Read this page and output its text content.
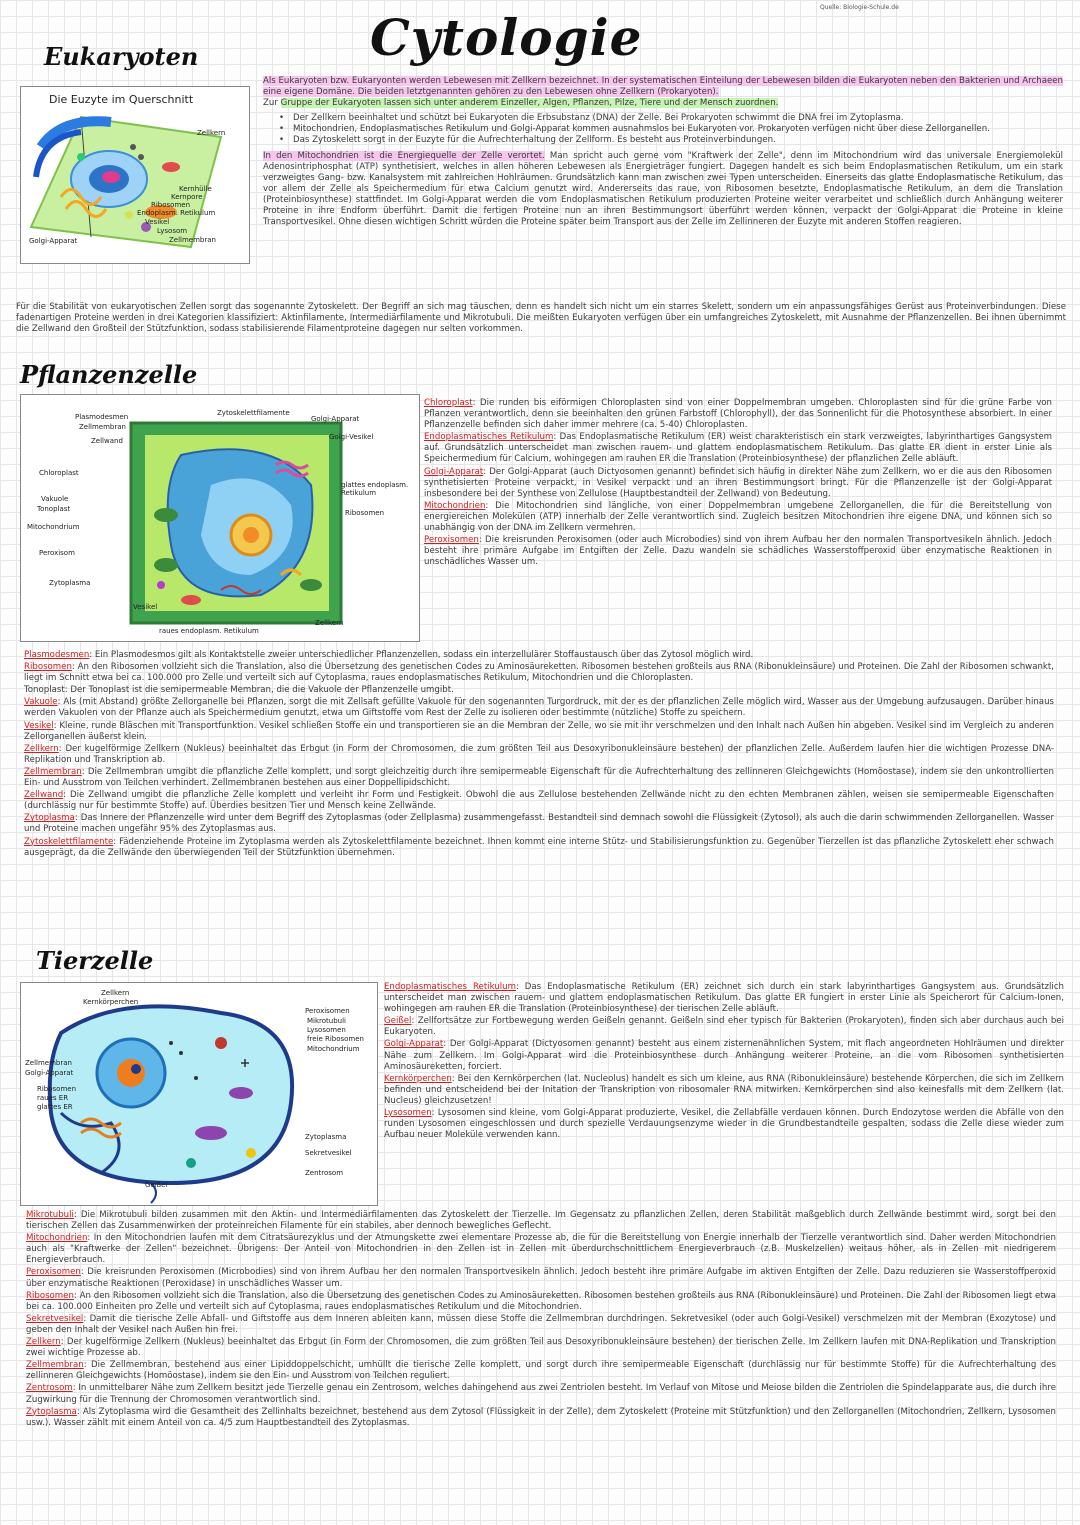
Quelle: Biologie-Schule.de
Cytologie
Eukaryoten
Die Euzyte im Querschnitt
Zellkern
Kernhülle
Kernpore
Ribosomen
Endoplasm. Retikulum
Vesikel
Lysosom
Zellmembran
Golgi-Apparat

Als Eukaryoten bzw. Eukaryonten werden Lebewesen mit Zellkern bezeichnet. In der systematischen Einteilung der Lebewesen bilden die Eukaryoten neben den Bakterien und Archaeen eine eigene Domäne. Die beiden letztgenannten gehören zu den Lebewesen ohne Zellkern (Prokaryoten).
Zur Gruppe der Eukaryoten lassen sich unter anderem Einzeller, Algen, Pflanzen, Pilze, Tiere und der Mensch zuordnen.

• Der Zellkern beeinhaltet und schützt bei Eukaryoten die Erbsubstanz (DNA) der Zelle. Bei Prokaryoten schwimmt die DNA frei im Zytoplasma.
• Mitochondrien, Endoplasmatisches Retikulum und Golgi-Apparat kommen ausnahmslos bei Eukaryoten vor. Prokaryoten verfügen nicht über diese Zellorganellen.
• Das Zytoskelett sorgt in der Euzyte für die Aufrechterhaltung der Zellform. Es besteht aus Proteinverbindungen.

In den Mitochondrien ist die Energiequelle der Zelle verortet. Man spricht auch gerne vom "Kraftwerk der Zelle", denn im Mitochondrium wird das universale Energiemolekül Adenosintriphosphat (ATP) synthetisiert, welches in allen höheren Lebewesen als Energieträger fungiert. Dagegen handelt es sich beim Endoplasmatischen Retikulum, um ein stark verzweigtes Gang- bzw. Kanalsystem mit zahlreichen Hohlräumen. Grundsätzlich kann man zwischen zwei Typen unterscheiden. Einerseits das glatte Endoplasmatische Retikulum, das vor allem der Zelle als Speichermedium für etwa Calcium genutzt wird. Andererseits das raue, von Ribosomen besetzte, Endoplasmatische Retikulum, an dem die Translation (Proteinbiosynthese) stattfindet. Im Golgi-Apparat werden die vom Endoplasmatischen Retikulum produzierten Proteine weiter verarbeitet und schließlich durch Anhängung weiterer Proteine in ihre Endform überführt. Damit die fertigen Proteine nun an ihren Bestimmungsort überführt werden können, verpackt der Golgi-Apparat die Proteine in kleine Transportvesikel. Ohne diesen wichtigen Schritt würden die Proteine später beim Transport aus der Zelle im Zellinneren der Euzyte mit anderen Stoffen reagieren.

Für die Stabilität von eukaryotischen Zellen sorgt das sogenannte Zytoskelett. Der Begriff an sich mag täuschen, denn es handelt sich nicht um ein starres Skelett, sondern um ein anpassungsfähiges Gerüst aus Proteinverbindungen. Diese fadenartigen Proteine werden in drei Kategorien klassifiziert: Aktinfilamente, Intermediärfilamente und Mikrotubuli. Die meißten Eukaryoten verfügen über ein umfangreiches Zytoskelett, mit Ausnahme der Pflanzenzellen. Bei ihnen übernimmt die Zellwand den Großteil der Stützfunktion, sodass stabilisierende Filamentproteine dagegen nur selten vorkommen.
Pflanzenzelle
Plasmodesmen
Zellmembran
Zellwand
Zytoskelettfilamente
Golgi-Apparat
Golgi-Vesikel
Chloroplast
Vakuole
Tonoplast
Mitochondrium
glattes endoplasm. Retikulum
Ribosomen
Peroxisom
Zytoplasma
Vesikel
raues endoplasm. Retikulum
Zellkern

Chloroplast: Die runden bis eiförmigen Chloroplasten sind von einer Doppelmembran umgeben. Chloroplasten sind für die grüne Farbe von Pflanzen verantwortlich, denn sie beeinhalten den grünen Farbstoff (Chlorophyll), der das Sonnenlicht für die Photosynthese absorbiert. In einer Pflanzenzelle befinden sich daher immer mehrere (ca. 5-40) Chloroplasten.

Endoplasmatisches Retikulum: Das Endoplasmatische Retikulum (ER) weist charakteristisch ein stark verzweigtes, labyrinthartiges Gangsystem auf. Grundsätzlich unterscheidet man zwischen rauem- und glattem endoplasmatischem Retikulum. Das glatte ER dient in erster Linie als Speichermedium für Calcium, wohingegen am rauhen ER die Translation (Proteinbiosynthese) der pflanzlichen Zelle abläuft.

Golgi-Apparat: Der Golgi-Apparat (auch Dictyosomen genannt) befindet sich häufig in direkter Nähe zum Zellkern, wo er die aus den Ribosomen synthetisierten Proteine verpackt, in Vesikel verpackt und an ihren Bestimmungsort bringt. Für die Pflanzenzelle ist der Golgi-Apparat insbesondere bei der Synthese von Zellulose (Hauptbestandteil der Zellwand) von Bedeutung.

Mitochondrien: Die Mitochondrien sind längliche, von einer Doppelmembran umgebene Zellorganellen, die für die Bereitstellung von energiereichen Molekülen (ATP) innerhalb der Zelle verantwortlich sind. Zugleich besitzen Mitochondrien ihre eigene DNA, und können sich so unabhängig von der DNA im Zellkern vermehren.

Peroxisomen: Die kreisrunden Peroxisomen (oder auch Microbodies) sind von ihrem Aufbau her den normalen Transportvesikeln ähnlich. Jedoch besteht ihre primäre Aufgabe im Entgiften der Zelle. Dazu wandeln sie schädliches Wasserstoffperoxid über enzymatische Reaktionen in unschädliches Wasser um.

Plasmodesmen: Ein Plasmodesmos gilt als Kontaktstelle zweier unterschiedlicher Pflanzenzellen, sodass ein interzellulärer Stoffaustausch über das Zytosol möglich wird.

Ribosomen: An den Ribosomen vollzieht sich die Translation, also die Übersetzung des genetischen Codes zu Aminosäureketten. Ribosomen bestehen großteils aus RNA (Ribonukleinsäure) und Proteinen. Die Zahl der Ribosomen schwankt, liegt im Schnitt etwa bei ca. 100.000 pro Zelle und verteilt sich auf Cytoplasma, raues endoplasmatisches Retikulum, Mitochondrien und die Chloroplasten.

Tonoplast: Der Tonoplast ist die semipermeable Membran, die die Vakuole der Pflanzenzelle umgibt.

Vakuole: Als (mit Abstand) größte Zellorganelle bei Pflanzen, sorgt die mit Zellsaft gefüllte Vakuole für den sogenannten Turgordruck, mit der es der pflanzlichen Zelle möglich wird, Wasser aus der Umgebung aufzusaugen. Darüber hinaus werden Vakuolen von der Pflanze auch als Speichermedium genutzt, etwa um Giftstoffe vom Rest der Zelle zu isolieren oder bestimmte (nützliche) Stoffe zu speichern.

Vesikel: Kleine, runde Bläschen mit Transportfunktion. Vesikel schließen Stoffe ein und transportieren sie an die Membran der Zelle, wo sie mit ihr verschmelzen und den Inhalt nach Außen hin abgeben. Vesikel sind im Vergleich zu anderen Zellorganellen äußerst klein.

Zellkern: Der kugelförmige Zellkern (Nukleus) beeinhaltet das Erbgut (in Form der Chromosomen, die zum größten Teil aus Desoxyribonukleinsäure bestehen) der pflanzlichen Zelle. Außerdem laufen hier die wichtigen Prozesse DNA-Replikation und Transkription ab.

Zellmembran: Die Zellmembran umgibt die pflanzliche Zelle komplett, und sorgt gleichzeitig durch ihre semipermeable Eigenschaft für die Aufrechterhaltung des zellinneren Gleichgewichts (Homöostase), indem sie den unkontrollierten Ein- und Ausstrom von Teilchen verhindert. Zellmembranen bestehen aus einer Doppellipidschicht.

Zellwand: Die Zellwand umgibt die pflanzliche Zelle komplett und verleiht ihr Form und Festigkeit. Obwohl die aus Zellulose bestehenden Zellwände nicht zu den echten Membranen zählen, weisen sie semipermeable Eigenschaften (durchlässig nur für bestimmte Stoffe) auf. Überdies besitzen Tier und Mensch keine Zellwände.

Zytoplasma: Das Innere der Pflanzenzelle wird unter dem Begriff des Zytoplasmas (oder Zellplasma) zusammengefasst. Bestandteil sind demnach sowohl die Flüssigkeit (Zytosol), als auch die darin schwimmenden Zellorganellen. Wasser und Proteine machen ungefähr 95% des Zytoplasmas aus.

Zytoskelettfilamente: Fädenziehende Proteine im Zytoplasma werden als Zytoskelettfilamente bezeichnet. Ihnen kommt eine interne Stütz- und Stabilisierungsfunktion zu. Gegenüber Tierzellen ist das pflanzliche Zytoskelett eher schwach ausgeprägt, da die Zellwände den überwiegenden Teil der Stützfunktion übernehmen.

Tierzelle
Zellkern
Kernkörperchen
Peroxisomen
Mikrotubuli
Lysosomen
freie Ribosomen
Mitochondrium
Zellmembran
Golgi-Apparat
Ribosomen
raues ER
glattes ER
Zytoplasma
Sekretvesikel
Zentrosom
Geißel

Endoplasmatisches Retikulum: Das Endoplasmatische Retikulum (ER) zeichnet sich durch ein stark labyrinthartiges Gangsystem aus. Grundsätzlich unterscheidet man zwischen rauem- und glattem endoplasmatischen Retikulum. Das glatte ER fungiert in erster Linie als Speicherort für Calcium-Ionen, wohingegen am rauhen ER die Translation (Proteinbiosynthese) der tierischen Zelle abläuft.

Geißel: Zellfortsätze zur Fortbewegung werden Geißeln genannt. Geißeln sind eher typisch für Bakterien (Prokaryoten), finden sich aber durchaus auch bei Eukaryoten.

Golgi-Apparat: Der Golgi-Apparat (Dictyosomen genannt) besteht aus einem zisternenähnlichen System, mit flach angeordneten Hohlräumen und direkter Nähe zum Zellkern. Im Golgi-Apparat wird die Proteinbiosynthese durch Anhängung weiterer Proteine, an die vom Ribosomen synthetisierten Aminosäureketten, forciert.

Kernkörperchen: Bei den Kernkörperchen (lat. Nucleolus) handelt es sich um kleine, aus RNA (Ribonukleinsäure) bestehende Körperchen, die sich im Zellkern befinden und entscheidend bei der Initation der Transkription von ribosomaler RNA mitwirken. Kernkörperchen sind also keinesfalls mit dem Zellkern (lat. Nucleus) gleichzusetzen!

Lysosomen: Lysosomen sind kleine, vom Golgi-Apparat produzierte, Vesikel, die Zellabfälle verdauen können. Durch Endozytose werden die Abfälle von den runden Lysosomen eingeschlossen und durch spezielle Verdauungsenzyme wieder in die Grundbestandteile gespalten, sodass die Zelle diese wieder zum Aufbau neuer Moleküle verwenden kann.

Mikrotubuli: Die Mikrotubuli bilden zusammen mit den Aktin- und Intermediärfilamenten das Zytoskelett der Tierzelle. Im Gegensatz zu pflanzlichen Zellen, deren Stabilität maßgeblich durch Zellwände bestimmt wird, sorgt bei den tierischen Zellen das Zusammenwirken der proteinreichen Filamente für ein stabiles, aber dennoch bewegliches Geflecht.

Mitochondrien: In den Mitochondrien laufen mit dem Citratsäurezyklus und der Atmungskette zwei elementare Prozesse ab, die für die Bereitstellung von Energie innerhalb der Tierzelle verantwortlich sind. Daher werden Mitochondrien auch als "Kraftwerke der Zellen" bezeichnet. Übrigens: Der Anteil von Mitochondrien in den Zellen ist in Zellen mit überdurchschnittlichem Energieverbrauch (z.B. Muskelzellen) weitaus höher, als in Zellen mit niedrigerem Energieverbrauch.

Peroxisomen: Die kreisrunden Peroxisomen (Microbodies) sind von ihrem Aufbau her den normalen Transportvesikeln ähnlich. Jedoch besteht ihre primäre Aufgabe im aktiven Entgiften der Zelle. Dazu reduzieren sie Wasserstoffperoxid über enzymatische Reaktionen (Peroxidase) in unschädliches Wasser um.

Ribosomen: An den Ribosomen vollzieht sich die Translation, also die Übersetzung des genetischen Codes zu Aminosäureketten. Ribosomen bestehen großteils aus RNA (Ribonukleinsäure) und Proteinen. Die Zahl der Ribosomen liegt etwa bei ca. 100.000 Einheiten pro Zelle und verteilt sich auf Cytoplasma, raues endoplasmatisches Retikulum und die Mitochondrien.

Sekretvesikel: Damit die tierische Zelle Abfall- und Giftstoffe aus dem Inneren ableiten kann, müssen diese Stoffe die Zellmembran durchdringen. Sekretvesikel (oder auch Golgi-Vesikel) verschmelzen mit der Membran (Exozytose) und geben den Inhalt der Vesikel nach Außen hin frei.

Zellkern: Der kugelförmige Zellkern (Nukleus) beeinhaltet das Erbgut (in Form der Chromosomen, die zum größten Teil aus Desoxyribonukleinsäure bestehen) der tierischen Zelle. Im Zellkern laufen mit DNA-Replikation und Transkription zwei wichtige Prozesse ab.

Zellmembran: Die Zellmembran, bestehend aus einer Lipiddoppelschicht, umhüllt die tierische Zelle komplett, und sorgt durch ihre semipermeable Eigenschaft (durchlässig nur für bestimmte Stoffe) für die Aufrechterhaltung des zellinneren Gleichgewichts (Homöostase), indem sie den Ein- und Ausstrom von Teilchen reguliert.

Zentrosom: In unmittelbarer Nähe zum Zellkern besitzt jede Tierzelle genau ein Zentrosom, welches dahingehend aus zwei Zentriolen besteht. Im Verlauf von Mitose und Meiose bilden die Zentriolen die Spindelapparate aus, die durch ihre Zugwirkung für die Trennung der Chromosomen verantwortlich sind.

Zytoplasma: Als Zytoplasma wird die Gesamtheit des Zellinhalts bezeichnet, bestehend aus dem Zytosol (Flüssigkeit in der Zelle), dem Zytoskelett (Proteine mit Stützfunktion) und den Zellorganellen (Mitochondrien, Zellkern, Lysosomen usw.). Wasser zählt mit einem Anteil von ca. 4/5 zum Hauptbestandteil des Zytoplasmas.
